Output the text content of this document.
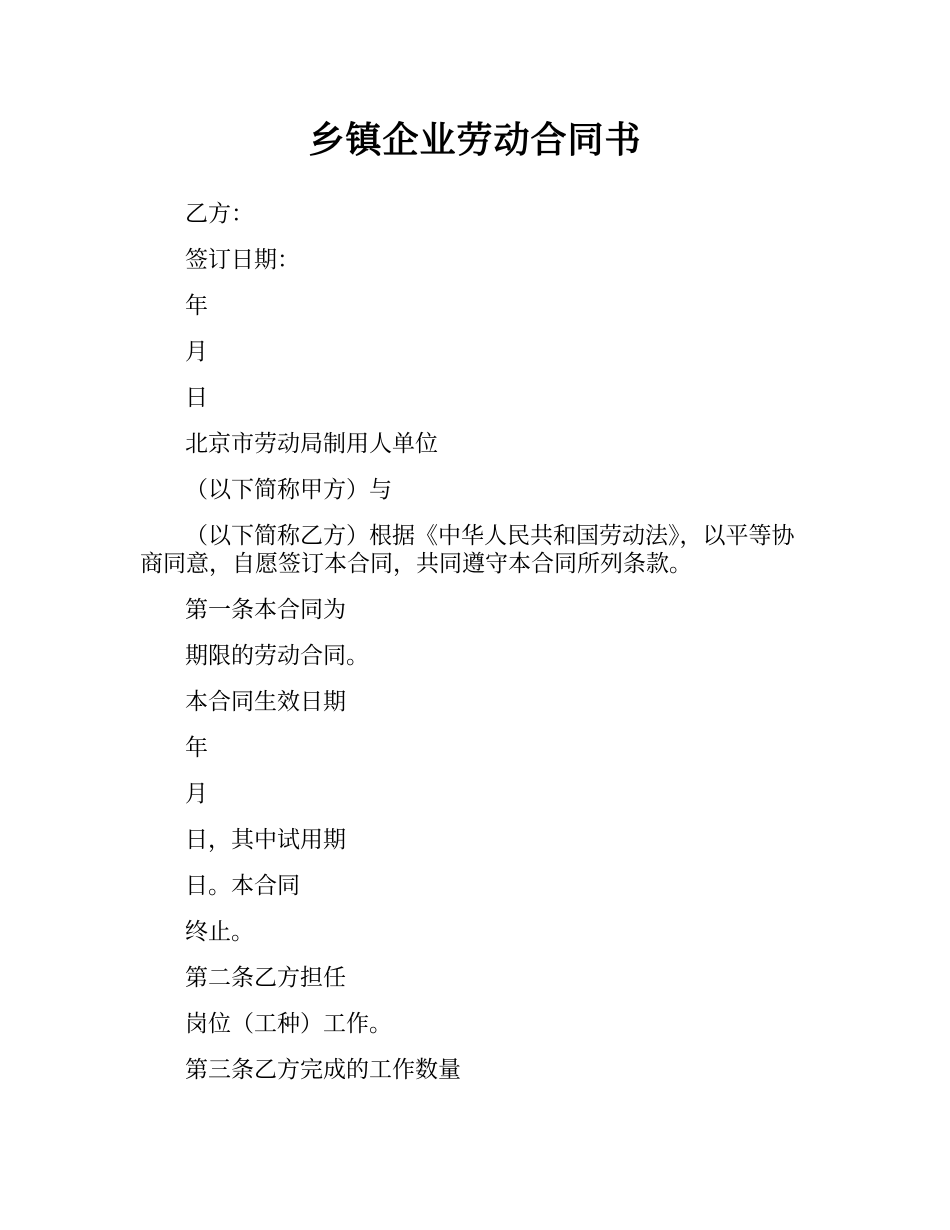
乡镇企业劳动合同书

乙方：

签订日期：

年

月

日

北京市劳动局制用人单位

（以下简称甲方）与

（以下简称乙方）根据《中华人民共和国劳动法》，以平等协商同意，自愿签订本合同，共同遵守本合同所列条款。

第一条本合同为

期限的劳动合同。

本合同生效日期

年

月

日，其中试用期

日。本合同

终止。

第二条乙方担任

岗位（工种）工作。

第三条乙方完成的工作数量
